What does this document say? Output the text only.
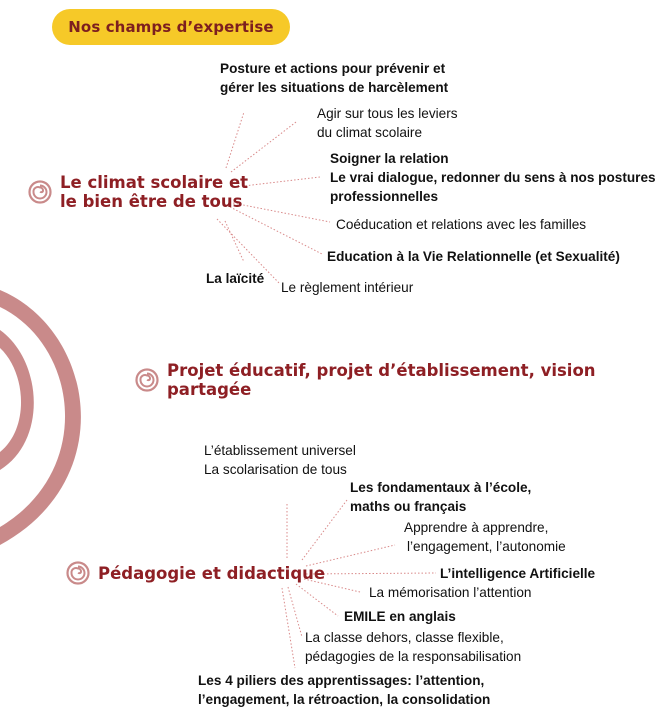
Nos champs d’expertise
Le climat scolaire et
le bien être de tous
Projet éducatif, projet d’établissement, vision partagée
Pédagogie et didactique
Posture et actions pour prévenir et
gérer les situations de harcèlement
Agir sur tous les leviers
du climat scolaire
Soigner la relation
Le vrai dialogue, redonner du sens à nos postures
professionnelles
Coéducation et relations avec les familles
Education à la Vie Relationnelle (et Sexualité)
La laïcité
Le règlement intérieur
L’établissement universel
La scolarisation de tous
Les fondamentaux à l’école,
maths ou français
Apprendre à apprendre,
l’engagement, l’autonomie
L’intelligence Artificielle
La mémorisation l’attention
EMILE en anglais
La classe dehors, classe flexible,
pédagogies de la responsabilisation
Les 4 piliers des apprentissages: l’attention,
l’engagement, la rétroaction, la consolidation
